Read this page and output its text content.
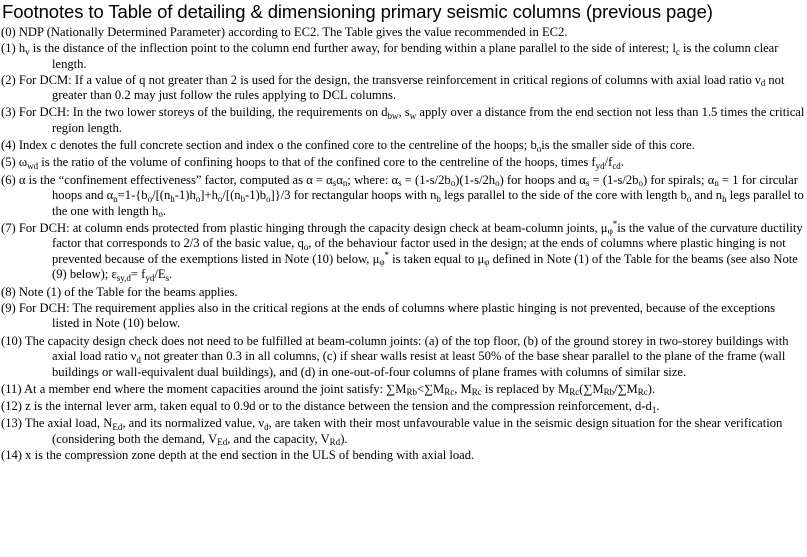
Footnotes to Table of detailing & dimensioning primary seismic columns (previous page)

(0) NDP (Nationally Determined Parameter) according to EC2. The Table gives the value recommended in EC2.

(1) $h_v$ is the distance of the inflection point to the column end further away, for bending within a plane parallel to the side of interest; $l_c$ is the column clear length.

(2) For DCM: If a value of q not greater than 2 is used for the design, the transverse reinforcement in critical regions of columns with axial load ratio $\nu_d$ not greater than 0.2 may just follow the rules applying to DCL columns.

(3) For DCH: In the two lower storeys of the building, the requirements on $d_{bw}$, $s_w$ apply over a distance from the end section not less than 1.5 times the critical region length.

(4) Index c denotes the full concrete section and index o the confined core to the centreline of the hoops; $b_ois$ the smaller side of this core.

(5) $\omega_{wd}$ is the ratio of the volume of confining hoops to that of the confined core to the centreline of the hoops, times $f_{yd}/f_{cd}$.

(6) α is the “confinement effectiveness” factor, computed as $\alpha = \alpha_s\alpha_n$; where: $\alpha_s = (1-s/2b_o)(1-s/2h_o)$ for hoops and $\alpha_s = (1-s/2b_o)$ for spirals; $\alpha_n = 1$ for circular hoops and $\alpha_n=1-\{b_o/[(n_h-1)h_o]+h_o/[(n_b-1)b_o]\}/3$ for rectangular hoops with $n_b$ legs parallel to the side of the core with length $b_o$ and $n_h$ legs parallel to the one with length $h_o$.

(7) For DCH: at column ends protected from plastic hinging through the capacity design check at beam-column joints, $\mu_\varphi^*is$ the value of the curvature ductility factor that corresponds to 2/3 of the basic value, $q_o$, of the behaviour factor used in the design; at the ends of columns where plastic hinging is not prevented because of the exemptions listed in Note (10) below, $\mu_\varphi^*$ is taken equal to $\mu_\varphi$ defined in Note (1) of the Table for the beams (see also Note (9) below); $\varepsilon_{sy,d}= f_{yd}/E_s$.

(8) Note (1) of the Table for the beams applies.

(9) For DCH: The requirement applies also in the critical regions at the ends of columns where plastic hinging is not prevented, because of the exceptions listed in Note (10) below.

(10) The capacity design check does not need to be fulfilled at beam-column joints: (a) of the top floor, (b) of the ground storey in two-storey buildings with axial load ratio $\nu_d$ not greater than 0.3 in all columns, (c) if shear walls resist at least 50% of the base shear parallel to the plane of the frame (wall buildings or wall-equivalent dual buildings), and (d) in one-out-of-four columns of plane frames with columns of similar size.

(11) At a member end where the moment capacities around the joint satisfy: $\sum M_{Rb}<\sum M_{Rc}$, $M_{Rc}$ is replaced by $M_{Rc}(\sum M_{Rb}/\sum M_{Rc})$.

(12) z is the internal lever arm, taken equal to 0.9d or to the distance between the tension and the compression reinforcement, $d-d_1$.

(13) The axial load, $N_{Ed}$, and its normalized value, $\nu_d$, are taken with their most unfavourable value in the seismic design situation for the shear verification (considering both the demand, $V_{Ed}$, and the capacity, $V_{Rd}$).

(14) x is the compression zone depth at the end section in the ULS of bending with axial load.
